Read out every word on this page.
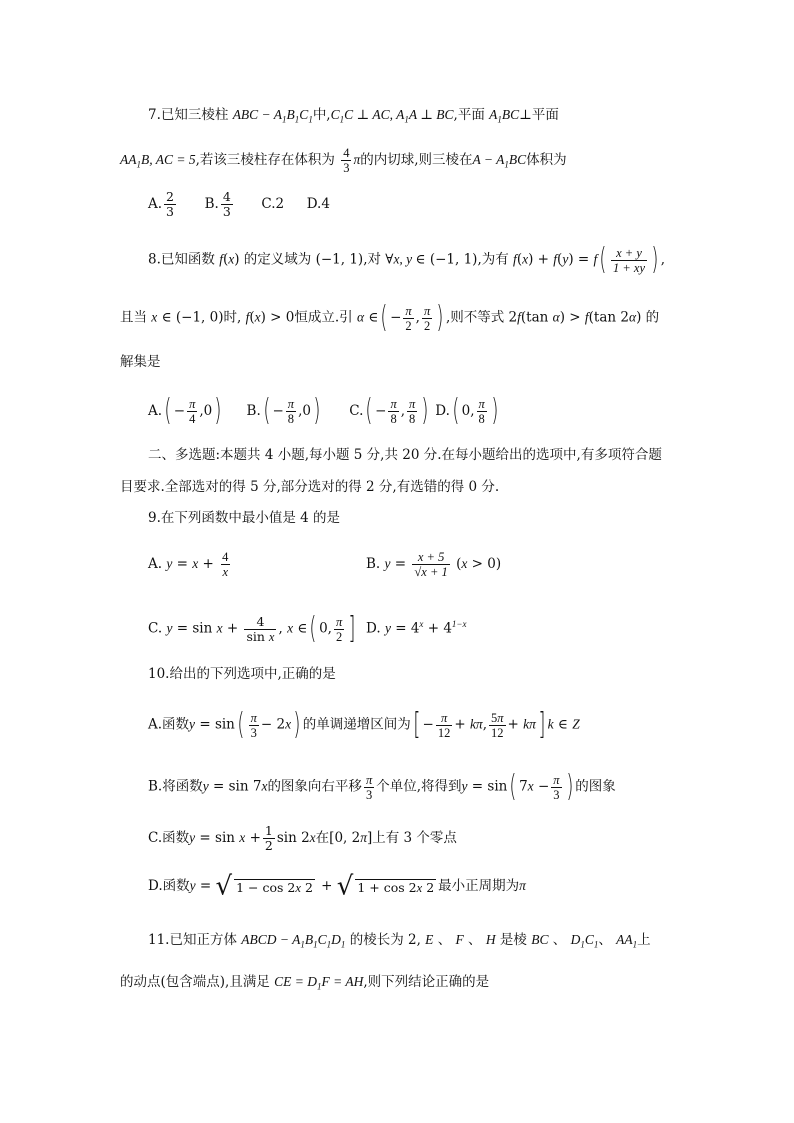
7.已知三棱柱 ABC − $A_1B_1C_1$中$,C_1C$ ⊥ AC, $A_1A$ ⊥ BC,平面 $A_1BC\perp$平面
$AA_1B$, AC = 5,若该三棱柱存在体积为 $\frac{4}{3}$ π的内切球,则三棱在$A - A_1BC$体积为
A. $\frac{2}{3} B$. $\frac{4}{3} C.2$ D.4
8.已知函数 f(x) 的定义域为 (−1, 1),对 ∀x, y ∈ (−1, 1),为有 $f(x) + f(y) = f( \frac{x + y}{1 + xy}$ ) ,
且当 x ∈ (−1, 0)时, f(x) > 0恒成立.引 α ∈( − $\frac{\pi}{2}$ , $\frac{\pi}{2}$ ) ,则不等式 2f(tan α) > f(tan 2α) 的
解集是
$A.( - \frac{\pi}{4} ,0)$ $B.( - \frac{\pi}{8} ,0)$ $C.( - \frac{\pi}{8}$ , $\frac{\pi}{8}$ ) D.( 0, $\frac{\pi}{8}$ )
二、多选题:本题共 4 小题,每小题 5 分,共 20 分.在每小题给出的选项中,有多项符合题
目要求.全部选对的得 5 分,部分选对的得 2 分,有选错的得 0 分.
9.在下列函数中最小值是 4 的是
A. $y = x + \frac{4}{x}$	B. $y = \frac{x + 5}{√x + 1} (x > 0)$
C. $y = \sin x + \frac{4}{\text{sin x}}$ , x ∈( 0, $\frac{\pi}{2}$ ] D. $y = 4^x + 4^{1-x}$
10.给出的下列选项中,正确的是
A.函数$y = \sin( \frac{\pi}{3} - 2x)$ 的单调递增区间为[ − $\frac{\pi}{12} + k\pi$, $\frac{5\pi}{12} + k\pi$] k ∈ Z
B.将函数y = sin 7x的图象向右平移 $\frac{\pi}{3}$ 个单位,将得到y = sin( $7x - \frac{\pi}{3}$ ) 的图象
C.函数$y = \sin x + \frac{1}{2}$ sin 2x在[0, 2π]上有 3 个零点
D.函数y = √ 1 − cos 2x 2 + √ 1 + cos 2x 2 最小正周期为π
11.已知正方体 ABCD − $A_1B_1C_1D_1$ 的棱长为 2, E 、 F 、 H 是棱 BC 、 $D_1C_1$、 $AA_1$上
的动点(包含端点),且满足 CE = $D_1F$ = AH,则下列结论正确的是
